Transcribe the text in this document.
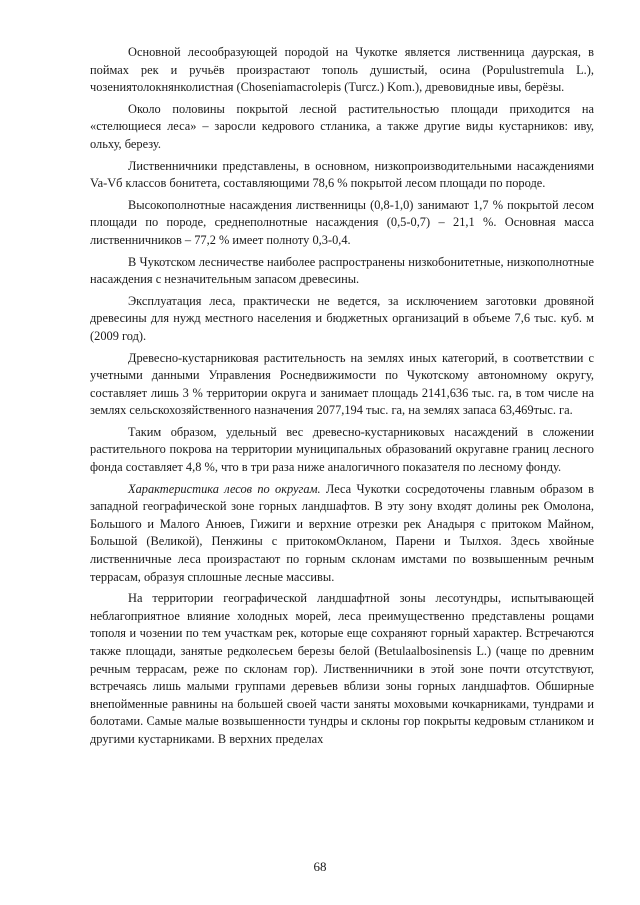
Основной лесообразующей породой на Чукотке является лиственница даурская, в поймах рек и ручьёв произрастают тополь душистый, осина (Populustremula L.), чозениятолокнянколистная (Choseniamacrolepis (Turcz.) Kom.), древовидные ивы, берёзы.

Около половины покрытой лесной растительностью площади приходится на «стелющиеся леса» – заросли кедрового стланика, а также другие виды кустарников: иву, ольху, березу.

Лиственничники представлены, в основном, низкопроизводительными насаждениями Va-Vб классов бонитета, составляющими 78,6 % покрытой лесом площади по породе.

Высокополнотные насаждения лиственницы (0,8-1,0) занимают 1,7 % покрытой лесом площади по породе, среднеполнотные насаждения (0,5-0,7) – 21,1 %. Основная масса лиственничников – 77,2 % имеет полноту 0,3-0,4.

В Чукотском лесничестве наиболее распространены низкобонитетные, низкополнотные насаждения с незначительным запасом древесины.

Эксплуатация леса, практически не ведется, за исключением заготовки дровяной древесины для нужд местного населения и бюджетных организаций в объеме 7,6 тыс. куб. м (2009 год).

Древесно-кустарниковая растительность на землях иных категорий, в соответствии с учетными данными Управления Роснедвижимости по Чукотскому автономному округу, составляет лишь 3 % территории округа и занимает площадь 2141,636 тыс. га, в том числе на землях сельскохозяйственного назначения 2077,194 тыс. га, на землях запаса 63,469тыс. га.

Таким образом, удельный вес древесно-кустарниковых насаждений в сложении растительного покрова на территории муниципальных образований округавне границ лесного фонда составляет 4,8 %, что в три раза ниже аналогичного показателя по лесному фонду.

Характеристика лесов по округам. Леса Чукотки сосредоточены главным образом в западной географической зоне горных ландшафтов. В эту зону входят долины рек Омолона, Большого и Малого Анюев, Гижиги и верхние отрезки рек Анадыря с притоком Майном, Большой (Великой), Пенжины с притокомОкланом, Парени и Тылхоя. Здесь хвойные лиственничные леса произрастают по горным склонам имстами по возвышенным речным террасам, образуя сплошные лесные массивы.

На территории географической ландшафтной зоны лесотундры, испытывающей неблагоприятное влияние холодных морей, леса преимущественно представлены рощами тополя и чозении по тем участкам рек, которые еще сохраняют горный характер. Встречаются также площади, занятые редколесьем березы белой (Betulaalbosinensis L.) (чаще по древним речным террасам, реже по склонам гор). Лиственничники в этой зоне почти отсутствуют, встречаясь лишь малыми группами деревьев вблизи зоны горных ландшафтов. Обширные внепойменные равнины на большей своей части заняты моховыми кочкарниками, тундрами и болотами. Самые малые возвышенности тундры и склоны гор покрыты кедровым стлаником и другими кустарниками. В верхних пределах

68
